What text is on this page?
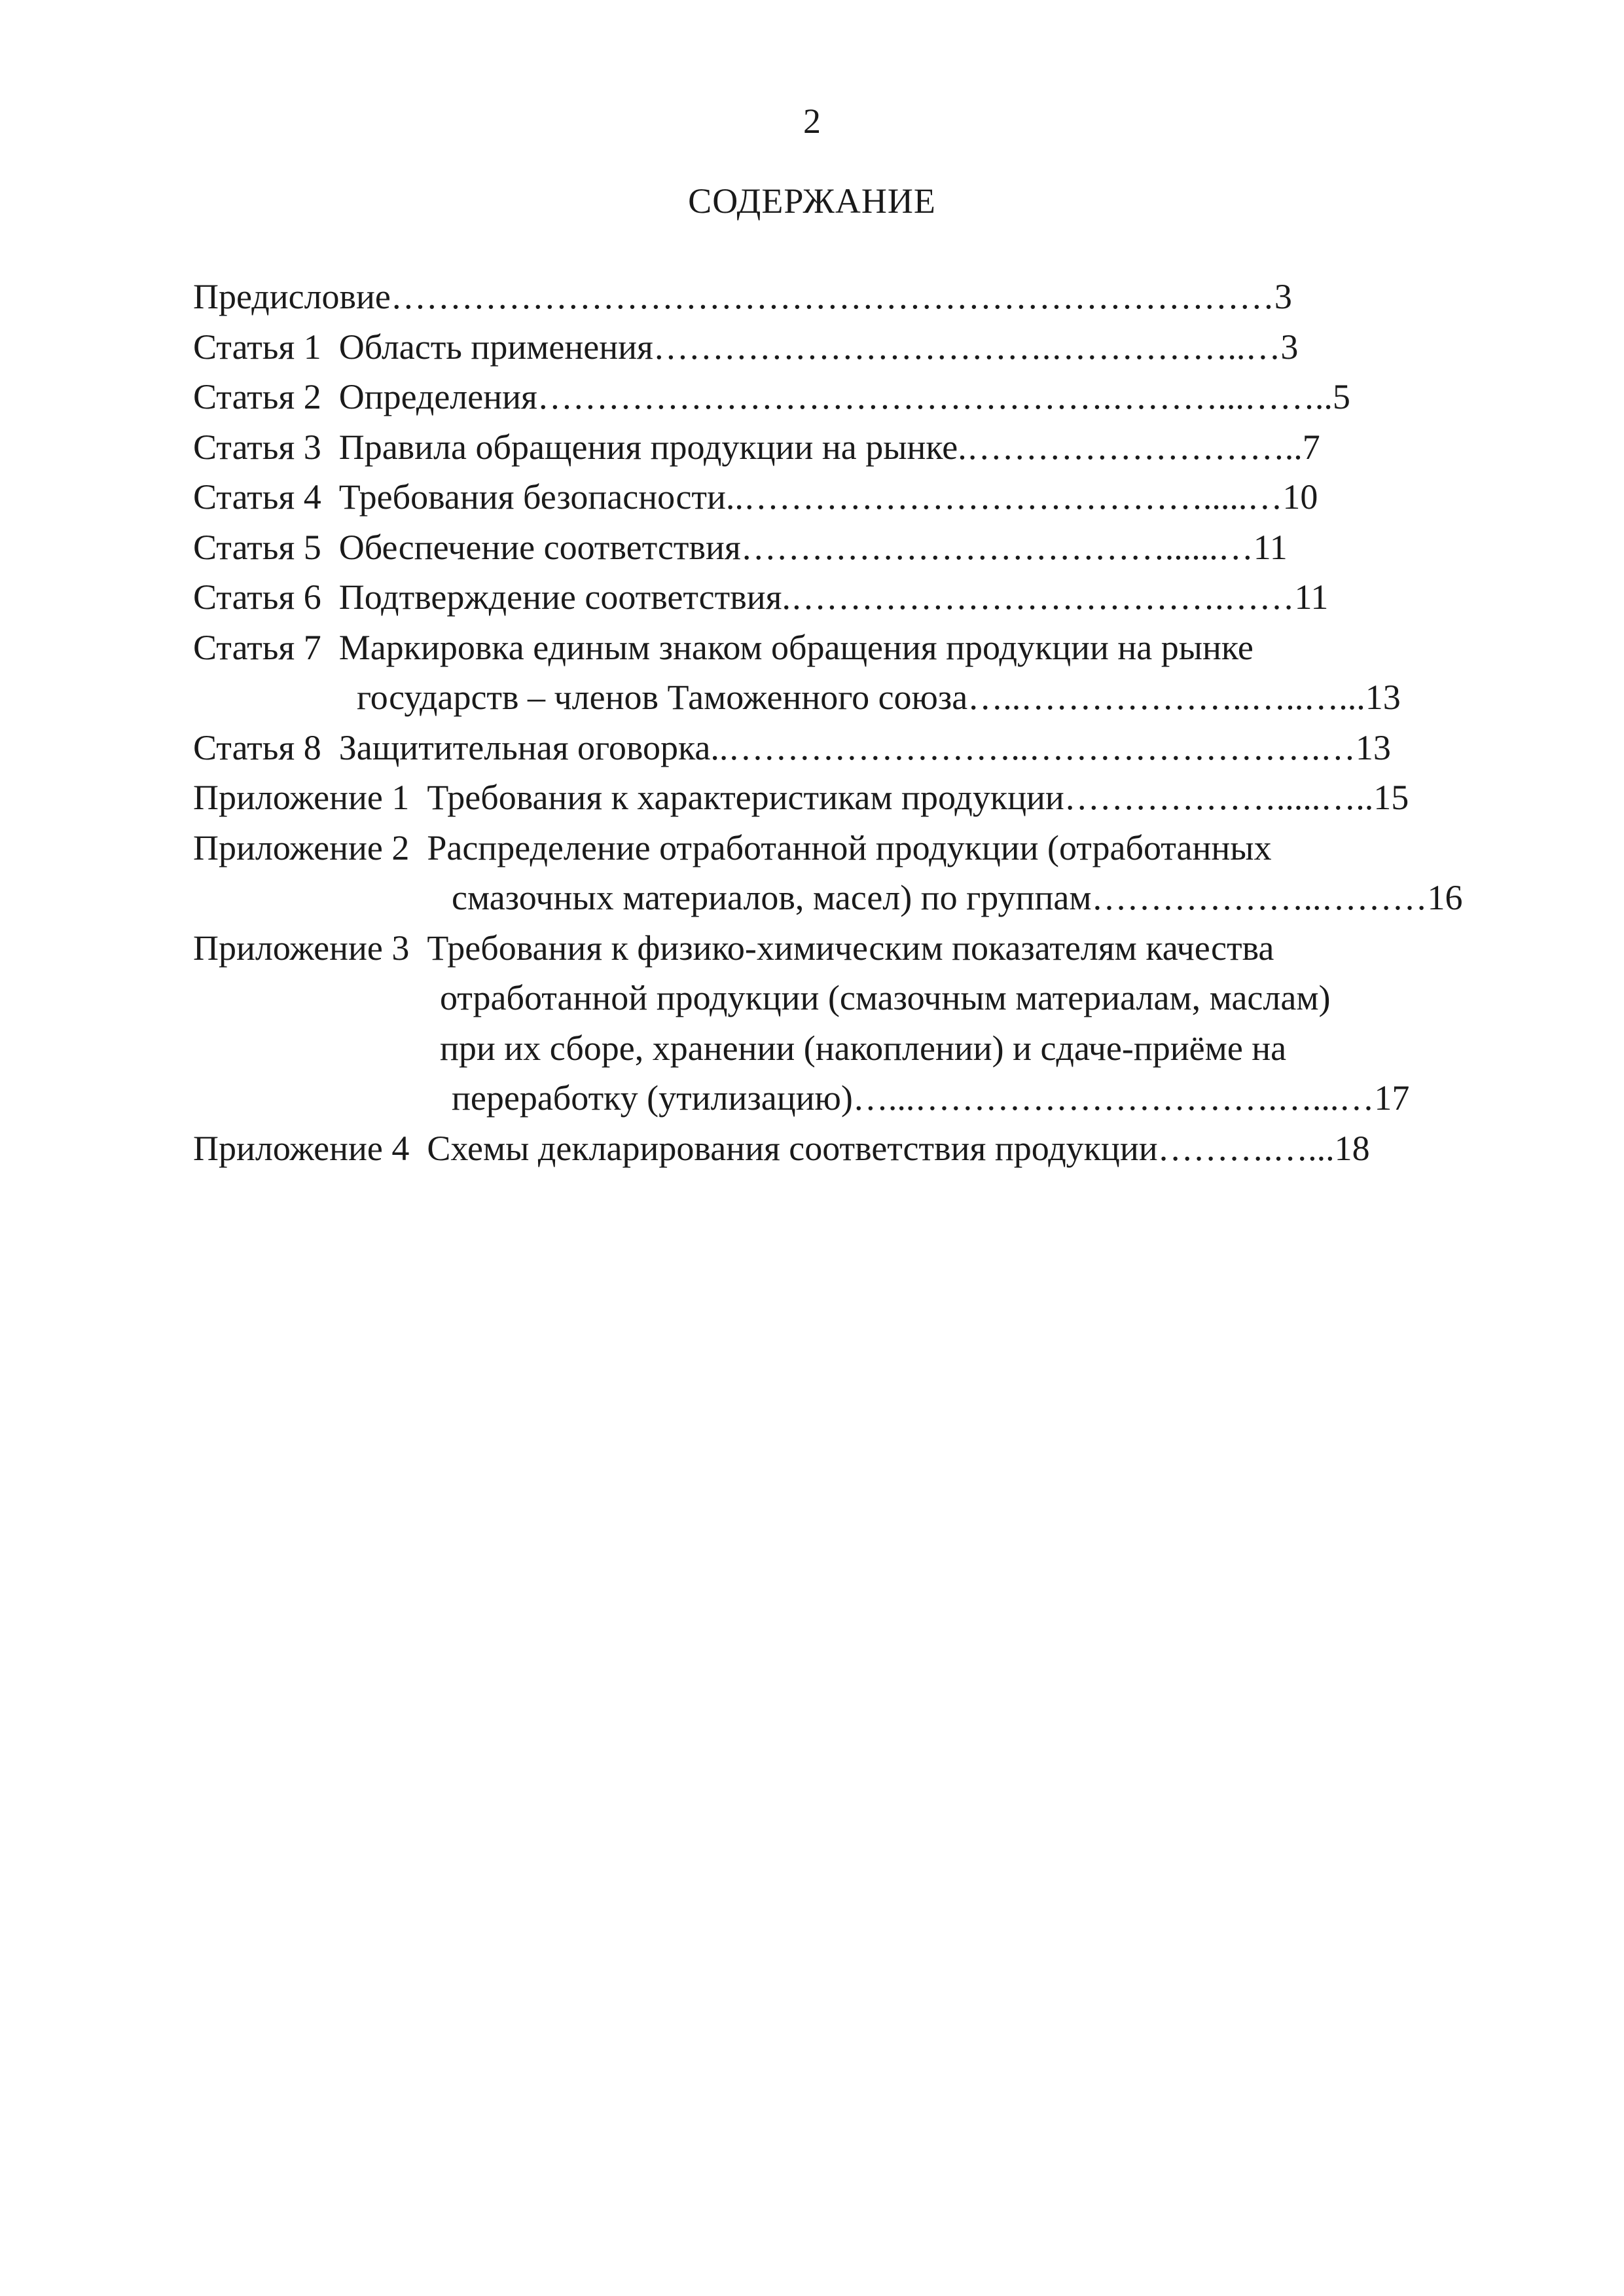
2
СОДЕРЖАНИЕ
Предисловие…………………………………………………………………3
Статья 1  Область применения…………………………….……………..…3
Статья 2  Определения………………………………………….………...……..5
Статья 3  Правила обращения продукции на рынке.………………………..7
Статья 4  Требования безопасности..………………………………….....…10
Статья 5  Обеспечение соответствия………………………………......…11
Статья 6  Подтверждение соответствия.……………………………….……11
Статья 7  Маркировка единым знаком обращения продукции на рынке
государств – членов Таможенного союза…..………………..…..…...13
Статья 8  Защитительная оговорка..……………………..…………………….…13
Приложение 1  Требования к характеристикам продукции……………….....…..15
Приложение 2  Распределение отработанной продукции (отработанных
смазочных материалов, масел) по группам………………..………16
Приложение 3  Требования к физико-химическим показателям качества
отработанной продукции (смазочным материалам, маслам)
при их сборе, хранении (накоплении) и сдаче-приёме на
переработку (утилизацию)…...………………………….…...…17
Приложение 4  Схемы декларирования соответствия продукции……….…...18
